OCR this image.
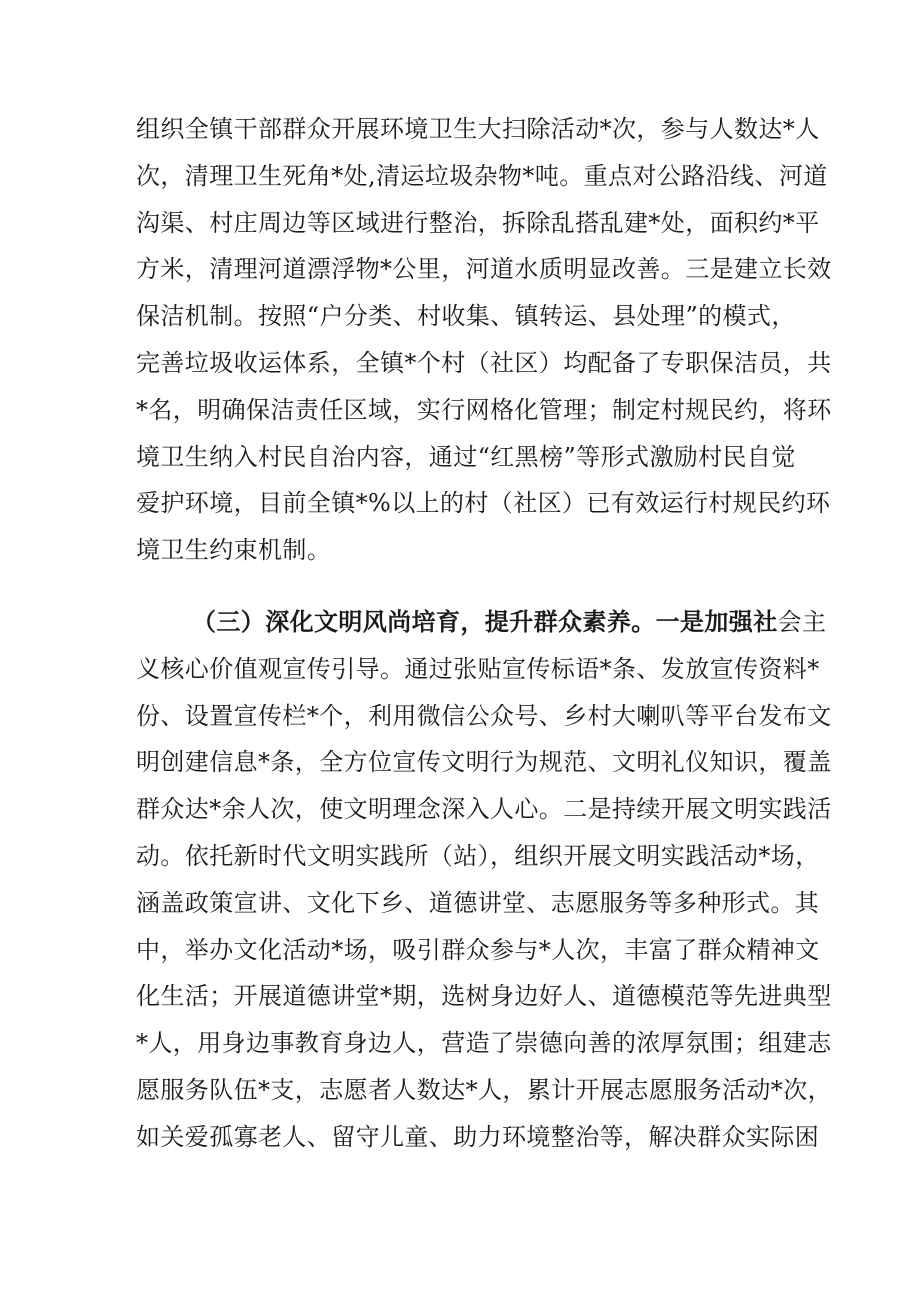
组织全镇干部群众开展环境卫生大扫除活动*次，参与人数达*人
次，清理卫生死角*处,清运垃圾杂物*吨。重点对公路沿线、河道
沟渠、村庄周边等区域进行整治，拆除乱搭乱建*处，面积约*平
方米，清理河道漂浮物*公里，河道水质明显改善。三是建立长效
保洁机制。按照“户分类、村收集、镇转运、县处理”的模式，
完善垃圾收运体系，全镇*个村（社区）均配备了专职保洁员，共
*名，明确保洁责任区域，实行网格化管理；制定村规民约，将环
境卫生纳入村民自治内容，通过“红黑榜”等形式激励村民自觉
爱护环境，目前全镇*%以上的村（社区）已有效运行村规民约环
境卫生约束机制。
（三）深化文明风尚培育，提升群众素养。一是加强社会主
义核心价值观宣传引导。通过张贴宣传标语*条、发放宣传资料*
份、设置宣传栏*个，利用微信公众号、乡村大喇叭等平台发布文
明创建信息*条，全方位宣传文明行为规范、文明礼仪知识，覆盖
群众达*余人次，使文明理念深入人心。二是持续开展文明实践活
动。依托新时代文明实践所（站），组织开展文明实践活动*场，
涵盖政策宣讲、文化下乡、道德讲堂、志愿服务等多种形式。其
中，举办文化活动*场，吸引群众参与*人次，丰富了群众精神文
化生活；开展道德讲堂*期，选树身边好人、道德模范等先进典型
*人，用身边事教育身边人，营造了崇德向善的浓厚氛围；组建志
愿服务队伍*支，志愿者人数达*人，累计开展志愿服务活动*次，
如关爱孤寡老人、留守儿童、助力环境整治等，解决群众实际困
